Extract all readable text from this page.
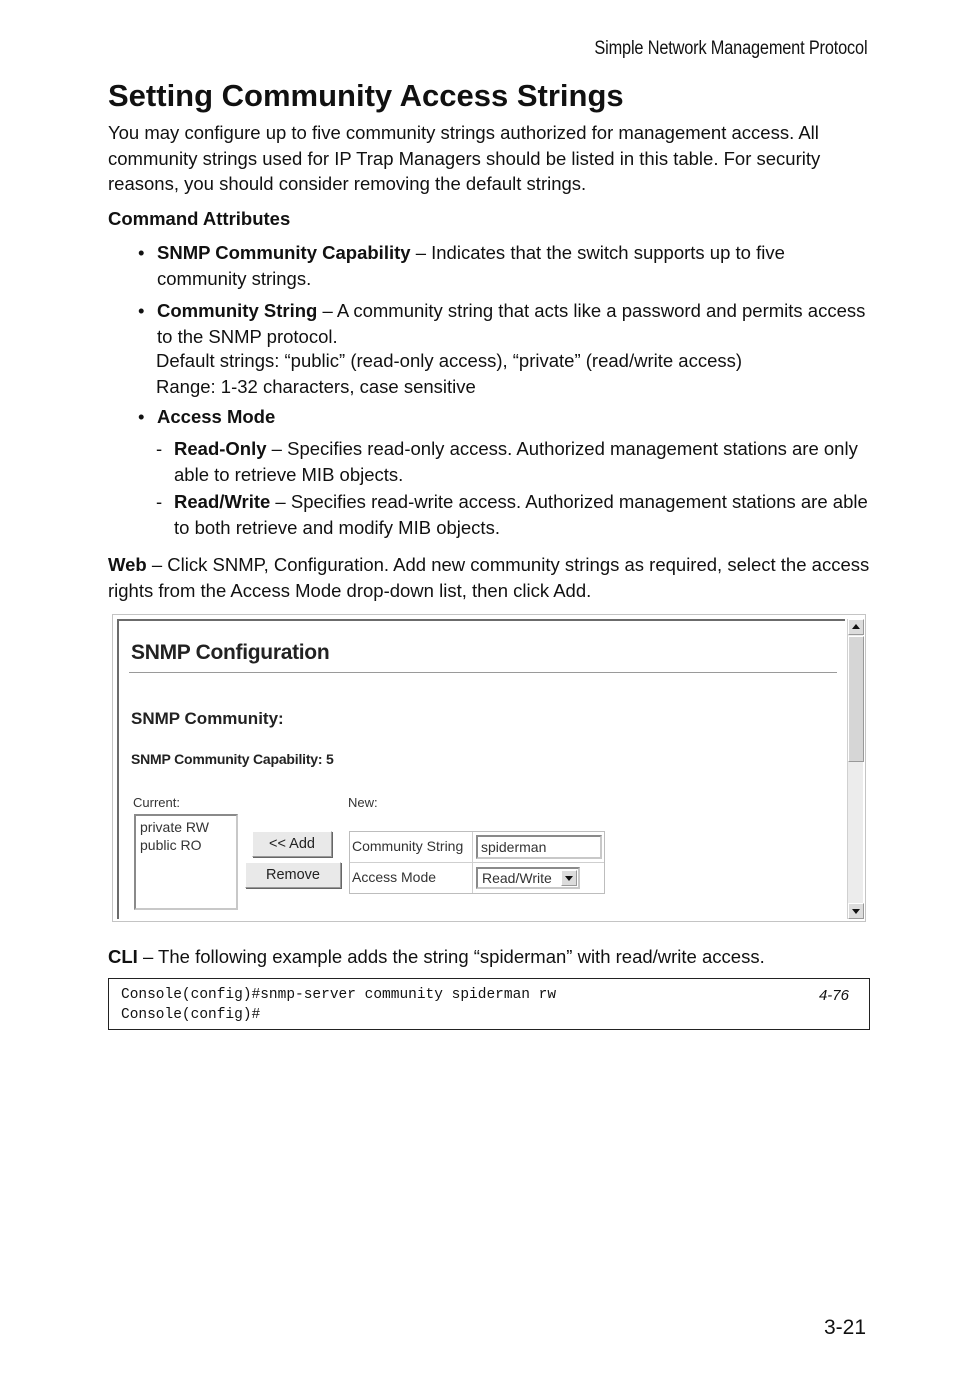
Simple Network Management Protocol
Setting Community Access Strings

You may configure up to five community strings authorized for management access. All community strings used for IP Trap Managers should be listed in this table. For security reasons, you should consider removing the default strings.

Command Attributes
• SNMP Community Capability – Indicates that the switch supports up to five community strings.
• Community String – A community string that acts like a password and permits access to the SNMP protocol.
Default strings: “public” (read-only access), “private” (read/write access)
Range: 1-32 characters, case sensitive
• Access Mode
- Read-Only – Specifies read-only access. Authorized management stations are only able to retrieve MIB objects.
- Read/Write – Specifies read-write access. Authorized management stations are able to both retrieve and modify MIB objects.

Web – Click SNMP, Configuration. Add new community strings as required, select the access rights from the Access Mode drop-down list, then click Add.

SNMP Configuration
SNMP Community:
SNMP Community Capability: 5
Current:	New:
private RW
public RO	<< Add
Remove
Community String	spiderman
Access Mode	Read/Write

CLI – The following example adds the string “spiderman” with read/write access.

Console(config)#snmp-server community spiderman rw
Console(config)#
4-76
3-21
